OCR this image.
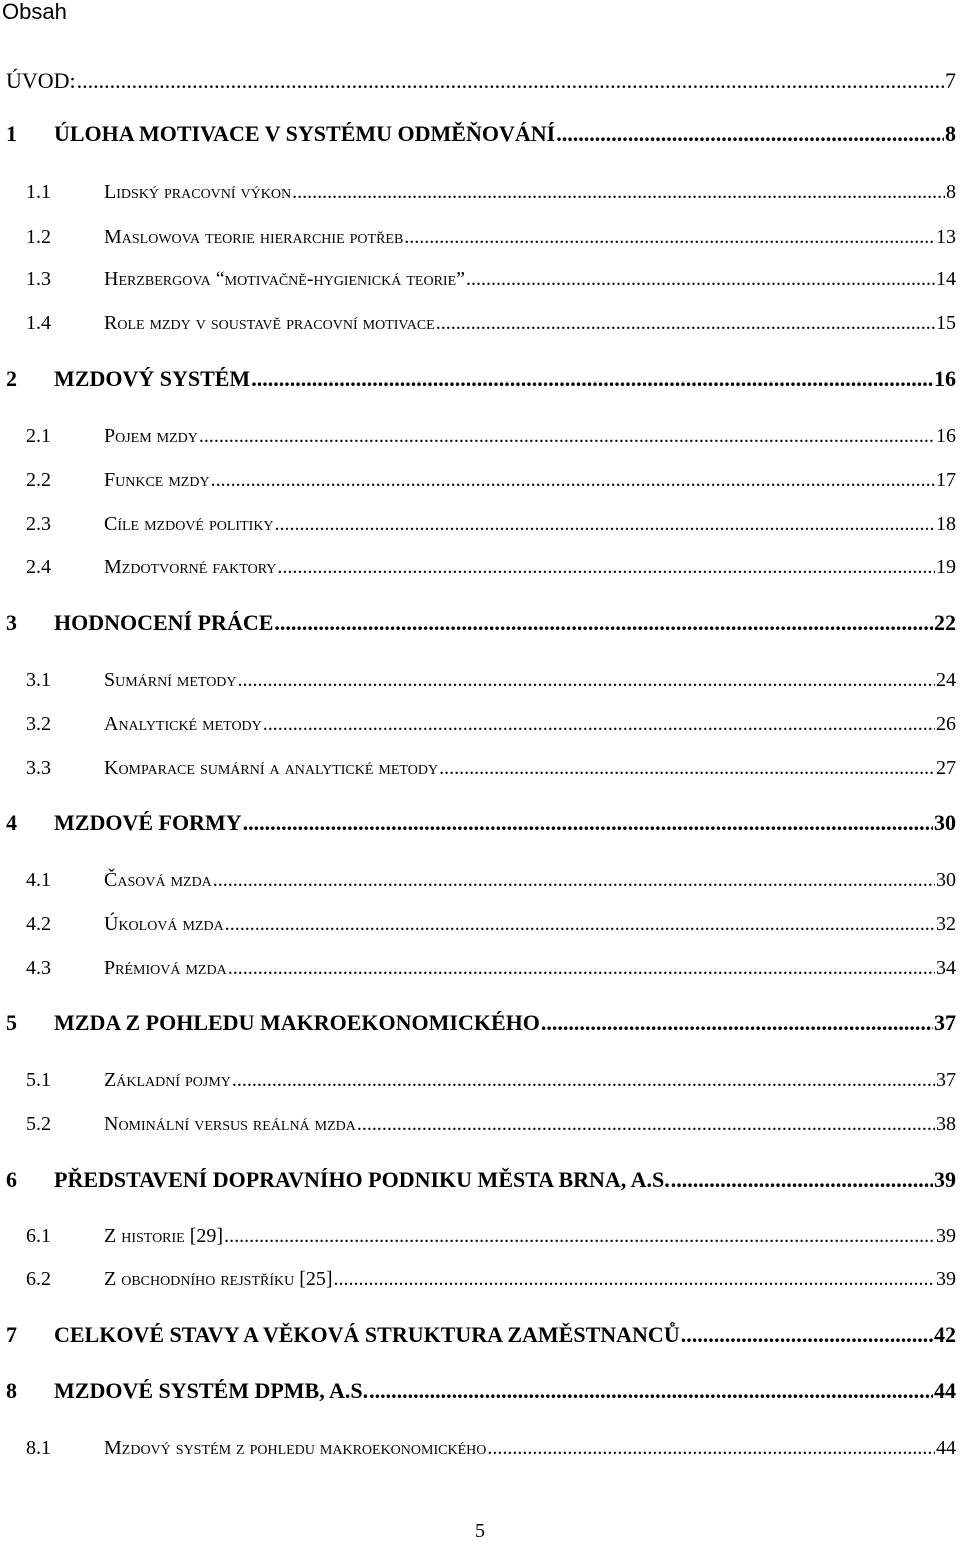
Obsah
ÚVOD: .....	7
1	ÚLOHA MOTIVACE V SYSTÉMU ODMĚŇOVÁNÍ .....	8
1.1	Lidský pracovní výkon .....	8
1.2	Maslowova teorie hierarchie potřeb .....	13
1.3	Herzbergova “motivačně-hygienická teorie” .....	14
1.4	Role mzdy v soustavě pracovní motivace .....	15
2	MZDOVÝ SYSTÉM .....	16
2.1	Pojem mzdy .....	16
2.2	Funkce mzdy .....	17
2.3	Cíle mzdové politiky .....	18
2.4	Mzdotvorné faktory .....	19
3	HODNOCENÍ PRÁCE .....	22
3.1	Sumární metody .....	24
3.2	Analytické metody .....	26
3.3	Komparace sumární a analytické metody .....	27
4	MZDOVÉ FORMY .....	30
4.1	Časová mzda .....	30
4.2	Úkolová mzda .....	32
4.3	Prémiová mzda .....	34
5	MZDA Z POHLEDU MAKROEKONOMICKÉHO .....	37
5.1	Základní pojmy .....	37
5.2	Nominální versus reálná mzda .....	38
6	PŘEDSTAVENÍ DOPRAVNÍHO PODNIKU MĚSTA BRNA, A.S. .....	39
6.1	Z historie [29] .....	39
6.2	Z obchodního rejstříku [25] .....	39
7	CELKOVÉ STAVY A VĚKOVÁ STRUKTURA ZAMĚSTNANCŮ .....	42
8	MZDOVÉ SYSTÉM DPMB, A.S. .....	44
8.1	Mzdový systém z pohledu makroekonomického .....	44
5
